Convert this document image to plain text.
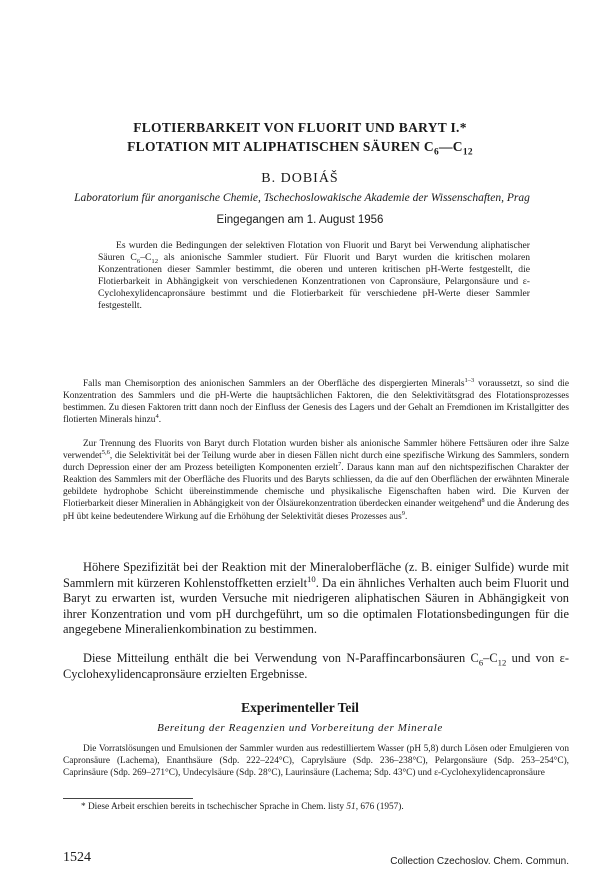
FLOTIERBARKEIT VON FLUORIT UND BARYT I.*
FLOTATION MIT ALIPHATISCHEN SÄUREN $C_6—C_{12}$
B. DOBIÁŠ
Laboratorium für anorganische Chemie, Tschechoslowakische Akademie der Wissenschaften, Prag
Eingegangen am 1. August 1956

Es wurden die Bedingungen der selektiven Flotation von Fluorit und Baryt bei Verwendung aliphatischer Säuren $C_6-C_{12}$ als anionische Sammler studiert. Für Fluorit und Baryt wurden die kritischen molaren Konzentrationen dieser Sammler bestimmt, die oberen und unteren kritischen pH-Werte festgestellt, die Flotierbarkeit in Abhängigkeit von verschiedenen Konzentrationen von Capronsäure, Pelargonsäure und ε-Cyclohexylidencapronsäure bestimmt und die Flotierbarkeit für verschiedene pH-Werte dieser Sammler festgestellt.

Falls man Chemisorption des anionischen Sammlers an der Oberfläche des dispergierten Minerals$^{1-3}$ voraussetzt, so sind die Konzentration des Sammlers und die pH-Werte die hauptsächlichen Faktoren, die den Selektivitätsgrad des Flotationsprozesses bestimmen. Zu diesen Faktoren tritt dann noch der Einfluss der Genesis des Lagers und der Gehalt an Fremdionen im Kristallgitter des flotierten Minerals hinzu$^4$.

Zur Trennung des Fluorits von Baryt durch Flotation wurden bisher als anionische Sammler höhere Fettsäuren oder ihre Salze verwendet$^{5,6}$, die Selektivität bei der Teilung wurde aber in diesen Fällen nicht durch eine spezifische Wirkung des Sammlers, sondern durch Depression einer der am Prozess beteiligten Komponenten erzielt$^7$. Daraus kann man auf den nichtspezifischen Charakter der Reaktion des Sammlers mit der Oberfläche des Fluorits und des Baryts schliessen, da die auf den Oberflächen der erwähnten Minerale gebildete hydrophobe Schicht übereinstimmende chemische und physikalische Eigenschaften haben wird. Die Kurven der Flotierbarkeit dieser Mineralien in Abhängigkeit von der Ölsäurekonzentration überdecken einander weitgehend$^8$ und die Änderung des pH übt keine bedeutendere Wirkung auf die Erhöhung der Selektivität dieses Prozesses aus$^9$.

Höhere Spezifizität bei der Reaktion mit der Mineraloberfläche (z. B. einiger Sulfide) wurde mit Sammlern mit kürzeren Kohlenstoffketten erzielt$^{10}$. Da ein ähnliches Verhalten auch beim Fluorit und Baryt zu erwarten ist, wurden Versuche mit niedrigeren aliphatischen Säuren in Abhängigkeit von ihrer Konzentration und vom pH durchgeführt, um so die optimalen Flotationsbedingungen für die angegebene Mineralienkombination zu bestimmen.

Diese Mitteilung enthält die bei Verwendung von N-Paraffincarbonsäuren $C_6-C_{12}$ und von ε-Cyclohexylidencapronsäure erzielten Ergebnisse.

Experimenteller Teil
Bereitung der Reagenzien und Vorbereitung der Minerale

Die Vorratslösungen und Emulsionen der Sammler wurden aus redestilliertem Wasser (pH 5,8) durch Lösen oder Emulgieren von Capronsäure (Lachema), Enanthsäure (Sdp. 222–224°C), Caprylsäure (Sdp. 236–238°C), Pelargonsäure (Sdp. 253–254°C), Caprinsäure (Sdp. 269–271°C), Undecylsäure (Sdp. 28°C), Laurinsäure (Lachema; Sdp. 43°C) und ε-Cyclohexylidencapronsäure

* Diese Arbeit erschien bereits in tschechischer Sprache in Chem. listy 51, 676 (1957).

1524	Collection Czechoslov. Chem. Commun.
